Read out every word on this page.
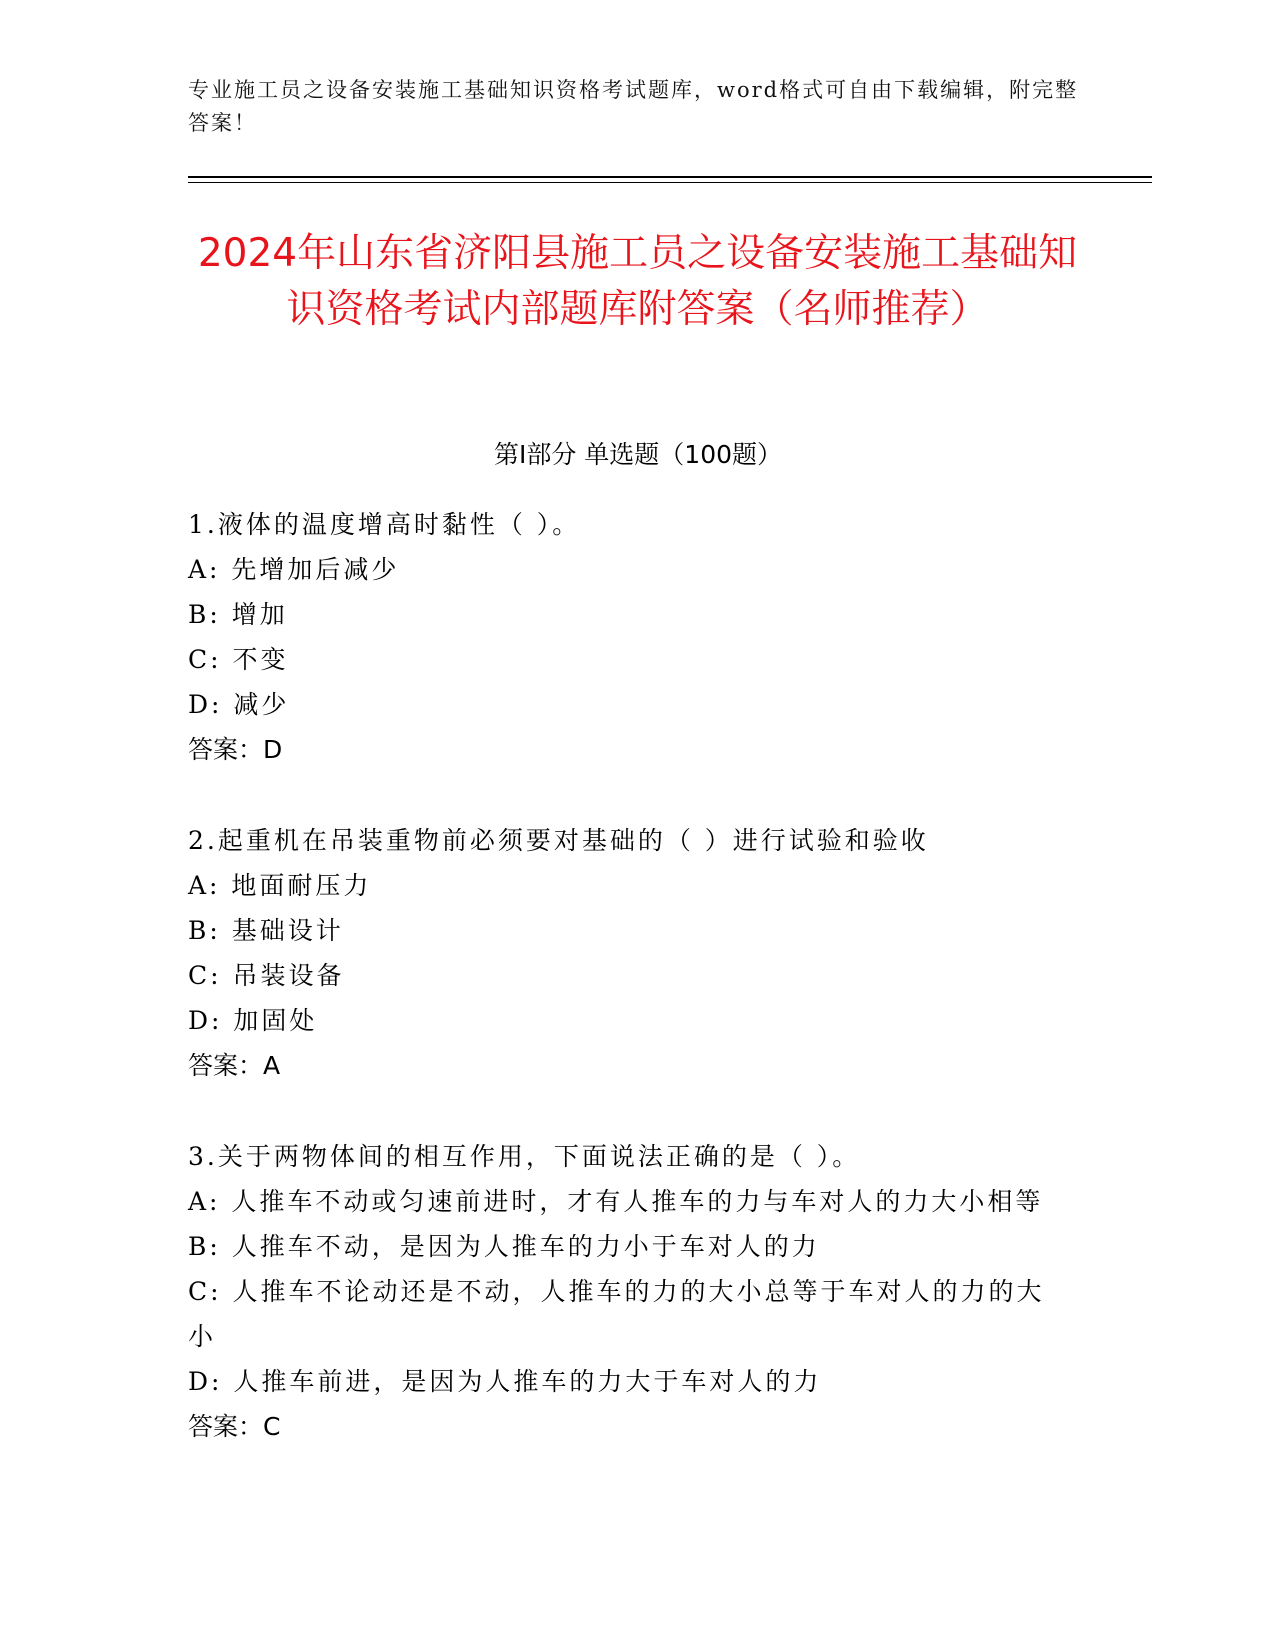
专业施工员之设备安装施工基础知识资格考试题库，word格式可自由下载编辑，附完整答案！
2024年山东省济阳县施工员之设备安装施工基础知识资格考试内部题库附答案（名师推荐）
第Ⅰ部分 单选题（100题）
1.液体的温度增高时黏性（ ）。
A: 先增加后减少
B: 增加
C: 不变
D: 减少
答案：D
2.起重机在吊装重物前必须要对基础的（ ）进行试验和验收
A: 地面耐压力
B: 基础设计
C: 吊装设备
D: 加固处
答案：A
3.关于两物体间的相互作用，下面说法正确的是（ ）。
A: 人推车不动或匀速前进时，才有人推车的力与车对人的力大小相等
B: 人推车不动，是因为人推车的力小于车对人的力
C: 人推车不论动还是不动，人推车的力的大小总等于车对人的力的大小
D: 人推车前进，是因为人推车的力大于车对人的力
答案：C
